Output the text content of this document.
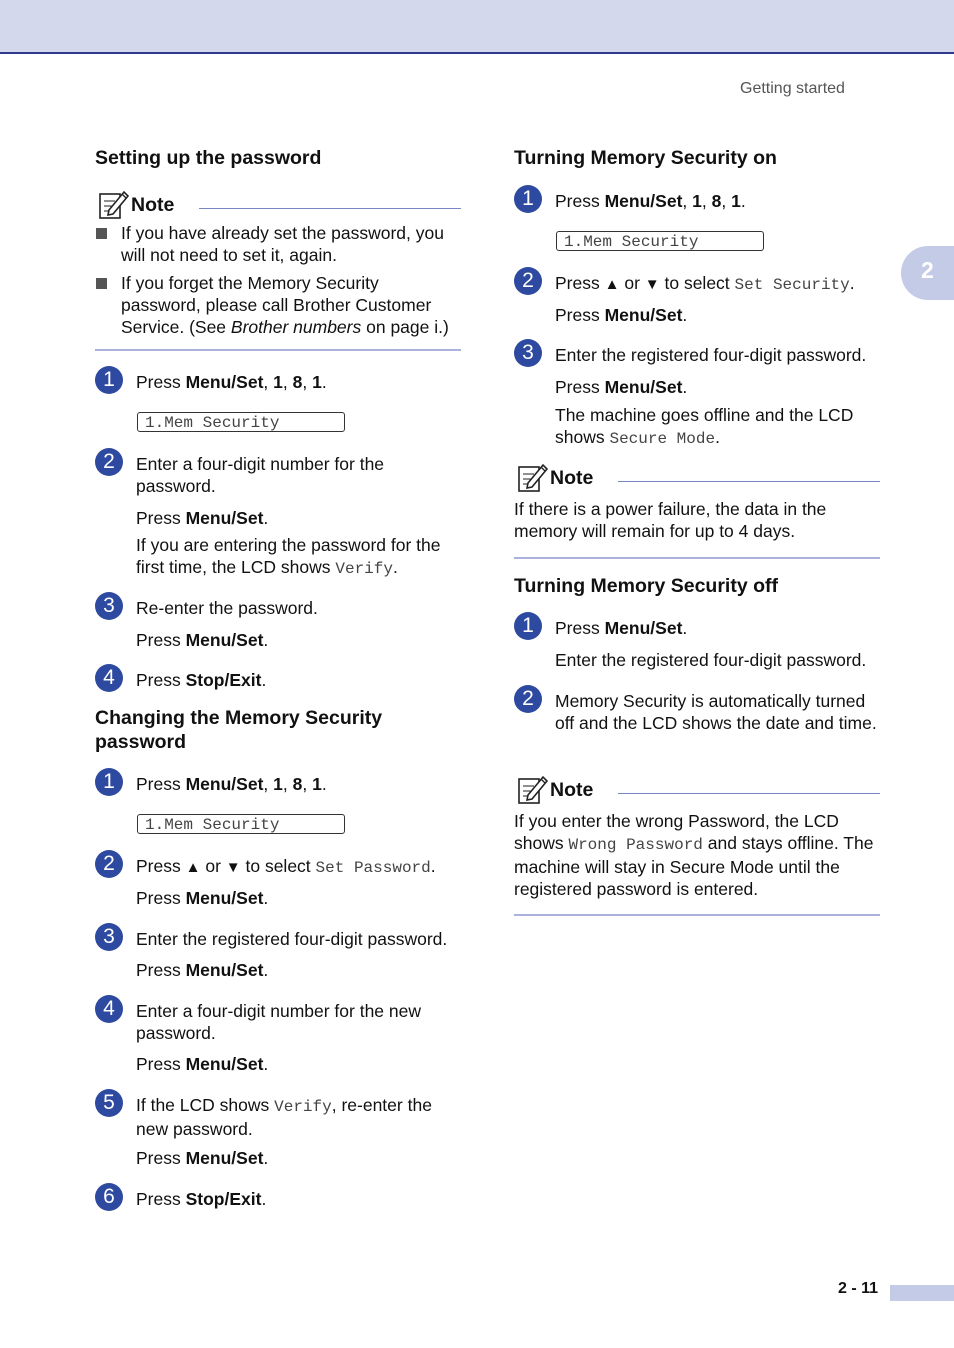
Getting started
2
2 - 11
Setting up the password
Note
If you have already set the password, you will not need to set it, again.
If you forget the Memory Security password, please call Brother Customer Service. (See Brother numbers on page i.)
1	Press Menu/Set, 1, 8, 1.
1.Mem Security
2	Enter a four-digit number for the password.
Press Menu/Set.
If you are entering the password for the first time, the LCD shows Verify.
3	Re-enter the password.
Press Menu/Set.
4	Press Stop/Exit.
Changing the Memory Security password
1	Press Menu/Set, 1, 8, 1.
1.Mem Security
2	Press ▲ or ▼ to select Set Password.
Press Menu/Set.
3	Enter the registered four-digit password.
Press Menu/Set.
4	Enter a four-digit number for the new password.
Press Menu/Set.
5	If the LCD shows Verify, re-enter the new password.
Press Menu/Set.
6	Press Stop/Exit.
Turning Memory Security on
1	Press Menu/Set, 1, 8, 1.
1.Mem Security
2	Press ▲ or ▼ to select Set Security.
Press Menu/Set.
3	Enter the registered four-digit password.
Press Menu/Set.
The machine goes offline and the LCD shows Secure Mode.
Note
If there is a power failure, the data in the memory will remain for up to 4 days.
Turning Memory Security off
1	Press Menu/Set.
Enter the registered four-digit password.
2	Memory Security is automatically turned off and the LCD shows the date and time.
Note
If you enter the wrong Password, the LCD shows Wrong Password and stays offline. The machine will stay in Secure Mode until the registered password is entered.
